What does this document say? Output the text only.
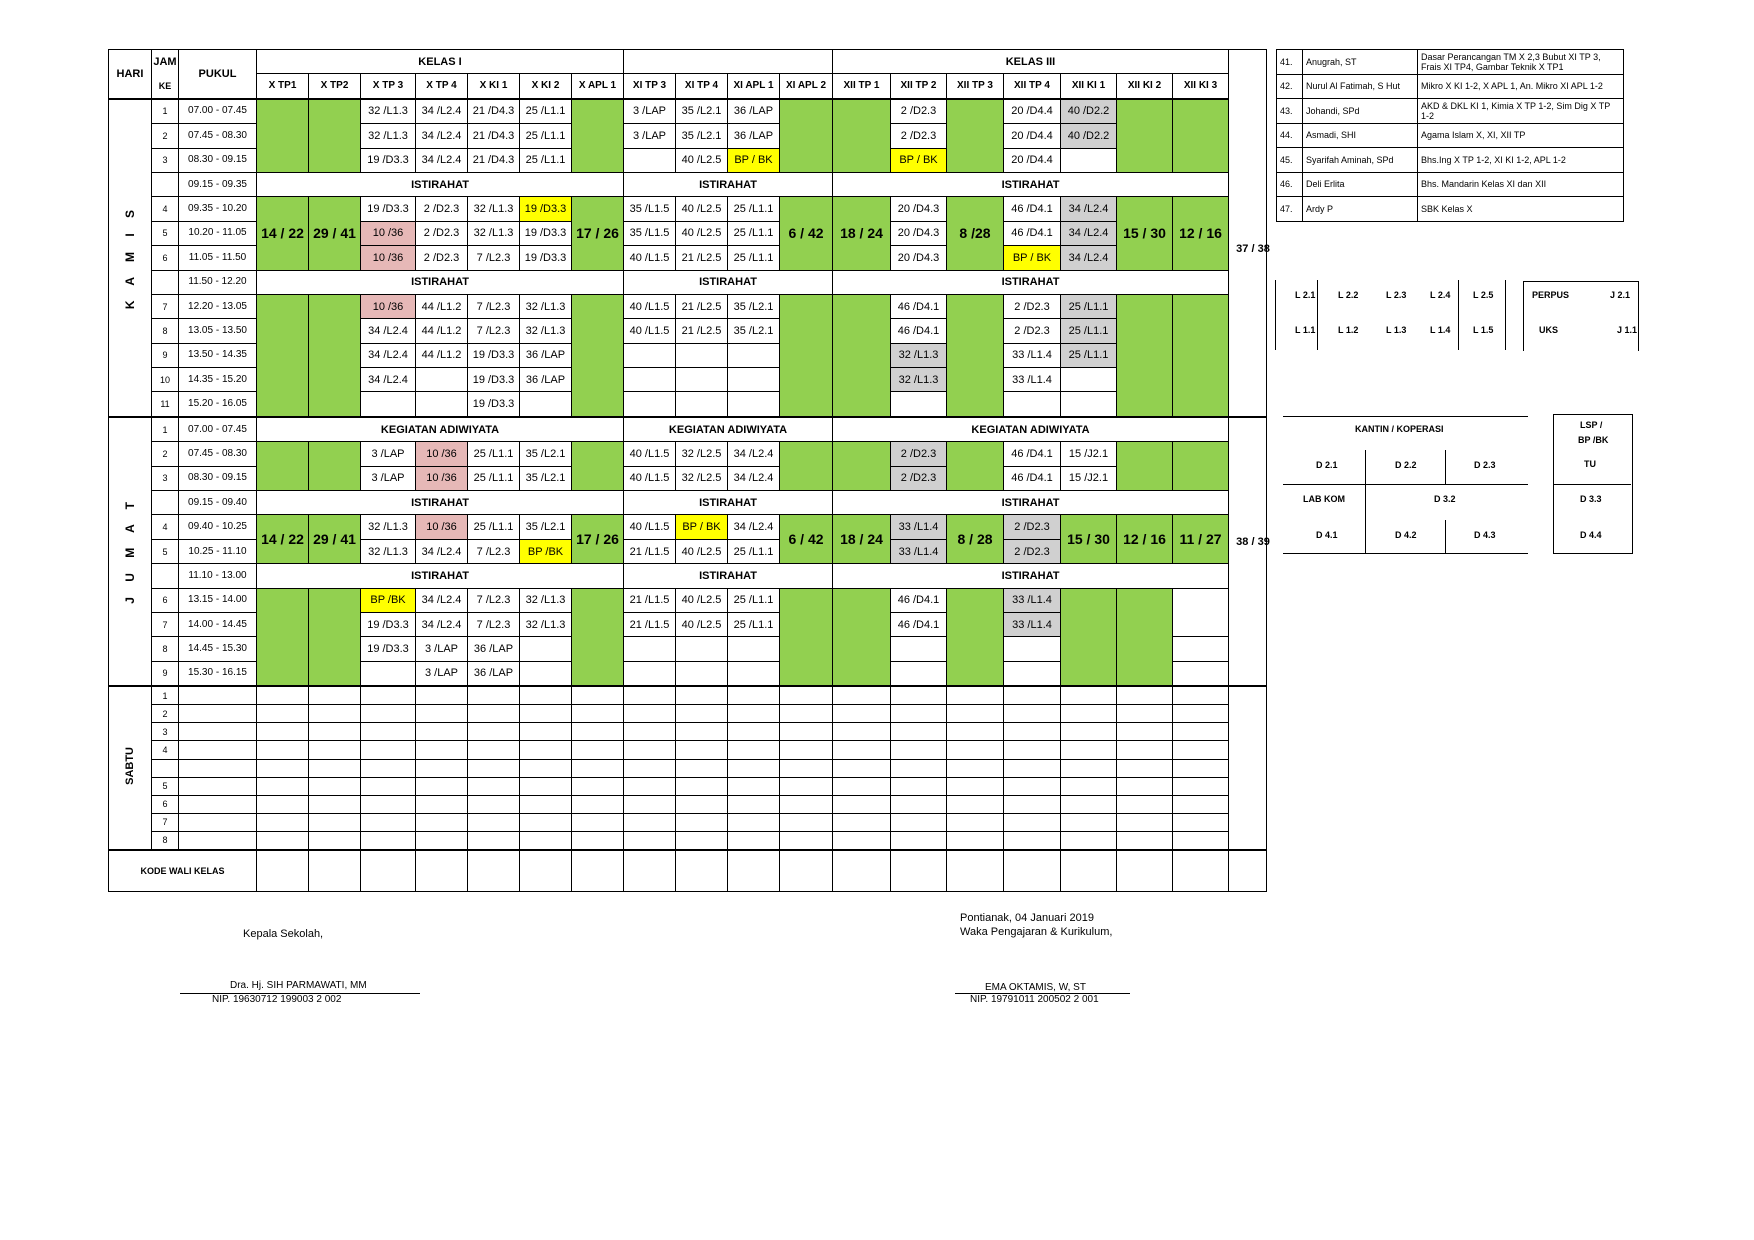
HARI	JAM	PUKUL	KELAS I											KELAS III							
	KE		X TP1	X TP2	X TP 3	X TP 4	X KI 1	X KI 2	X APL 1	XI TP 3	XI TP 4	XI APL 1	XI APL 2	XII TP 1	XII TP 2	XII TP 3	XII TP 4	XII KI 1	XII KI 2	XII KI 3	
K A M I S	1	07.00 - 07.45			32 /L1.3	34 /L2.4	21 /D4.3	25 /L1.1		3 /LAP	35 /L2.1	36 /LAP			2 /D2.3		20 /D4.4	40 /D2.2			
	2	07.45 - 08.30			32 /L1.3	34 /L2.4	21 /D4.3	25 /L1.1		3 /LAP	35 /L2.1	36 /LAP			2 /D2.3		20 /D4.4	40 /D2.2			
	3	08.30 - 09.15			19 /D3.3	34 /L2.4	21 /D4.3	25 /L1.1			40 /L2.5	BP / BK			BP / BK		20 /D4.4				
		09.15 - 09.35	ISTIRAHAT							ISTIRAHAT				ISTIRAHAT							
	4	09.35 - 10.20	14 / 22	29 / 41	19 /D3.3	2 /D2.3	32 /L1.3	19 /D3.3	17 / 26	35 /L1.5	40 /L2.5	25 /L1.1	6 / 42	18 / 24	20 /D4.3	8 /28	46 /D4.1	34 /L2.4	15 / 30	12 / 16	
	5	10.20 - 11.05			10 /36	2 /D2.3	32 /L1.3	19 /D3.3		35 /L1.5	40 /L2.5	25 /L1.1			20 /D4.3		46 /D4.1	34 /L2.4			
	6	11.05 - 11.50			10 /36	2 /D2.3	7 /L2.3	19 /D3.3		40 /L1.5	21 /L2.5	25 /L1.1			20 /D4.3		BP / BK	34 /L2.4			
		11.50 - 12.20	ISTIRAHAT							ISTIRAHAT				ISTIRAHAT							
	7	12.20 - 13.05			10 /36	44 /L1.2	7 /L2.3	32 /L1.3		40 /L1.5	21 /L2.5	35 /L2.1			46 /D4.1		2 /D2.3	25 /L1.1			
	8	13.05 - 13.50			34 /L2.4	44 /L1.2	7 /L2.3	32 /L1.3		40 /L1.5	21 /L2.5	35 /L2.1			46 /D4.1		2 /D2.3	25 /L1.1			
	9	13.50 - 14.35			34 /L2.4	44 /L1.2	19 /D3.3	36 /LAP							32 /L1.3		33 /L1.4	25 /L1.1			
	10	14.35 - 15.20			34 /L2.4		19 /D3.3	36 /LAP							32 /L1.3		33 /L1.4				
	11	15.20 - 16.05					19 /D3.3														
J U M A T	1	07.00 - 07.45	KEGIATAN ADIWIYATA							KEGIATAN ADIWIYATA				KEGIATAN ADIWIYATA							
	2	07.45 - 08.30			3 /LAP	10 /36	25 /L1.1	35 /L2.1		40 /L1.5	32 /L2.5	34 /L2.4			2 /D2.3		46 /D4.1	15 /J2.1			
	3	08.30 - 09.15			3 /LAP	10 /36	25 /L1.1	35 /L2.1		40 /L1.5	32 /L2.5	34 /L2.4			2 /D2.3		46 /D4.1	15 /J2.1			
		09.15 - 09.40	ISTIRAHAT							ISTIRAHAT				ISTIRAHAT							
	4	09.40 - 10.25	14 / 22	29 / 41	32 /L1.3	10 /36	25 /L1.1	35 /L2.1	17 / 26	40 /L1.5	BP / BK	34 /L2.4	6 / 42	18 / 24	33 /L1.4	8 / 28	2 /D2.3	15 / 30	12 / 16	11 / 27	
	5	10.25 - 11.10			32 /L1.3	34 /L2.4	7 /L2.3	BP /BK		21 /L1.5	40 /L2.5	25 /L1.1			33 /L1.4		2 /D2.3				
		11.10 - 13.00	ISTIRAHAT							ISTIRAHAT				ISTIRAHAT							
	6	13.15 - 14.00			BP /BK	34 /L2.4	7 /L2.3	32 /L1.3		21 /L1.5	40 /L2.5	25 /L1.1			46 /D4.1		33 /L1.4				
	7	14.00 - 14.45			19 /D3.3	34 /L2.4	7 /L2.3	32 /L1.3		21 /L1.5	40 /L2.5	25 /L1.1			46 /D4.1		33 /L1.4				
	8	14.45 - 15.30			19 /D3.3	3 /LAP	36 /LAP														
	9	15.30 - 16.15				3 /LAP	36 /LAP														
SABTU	1																				
	2																				
	3																				
	4																				

	5																				
	6																				
	7																				
	8																				
KODE WALI KELAS																					
41.	Anugrah, ST	Dasar Perancangan TM X 2,3 Bubut XI TP 3, Frais XI TP4, Gambar Teknik X TP1
42.	Nurul Al Fatimah, S Hut	Mikro X KI 1-2, X APL 1, An. Mikro XI APL 1-2
43.	Johandi, SPd	AKD & DKL KI 1, Kimia X TP 1-2, Sim Dig X TP 1-2
44.	Asmadi, SHI	Agama Islam X, XI, XII TP
45.	Syarifah Aminah, SPd	Bhs.Ing X TP 1-2, XI KI 1-2, APL 1-2
46.	Deli Erlita	Bhs. Mandarin Kelas XI dan XII
47.	Ardy P	SBK Kelas X
Kepala Sekolah,
Dra. Hj. SIH PARMAWATI, MM
NIP. 19630712 199003 2 002
Pontianak, 04 Januari 2019
Waka Pengajaran & Kurikulum,
EMA OKTAMIS, W, ST
NIP. 19791011 200502 2 001
37 / 38
38 / 39
L 2.1	L 2.2	L 2.3	L 2.4	L 2.5	PERPUS	J 2.1
L 1.1	L 1.2	L 1.3	L 1.4	L 1.5	UKS	J 1.1
KANTIN / KOPERASI
D 2.1	D 2.2	D 2.3
LAB KOM	D 3.2
D 4.1	D 4.2	D 4.3
LSP /
BP /BK
TU
D 3.3
D 4.4
